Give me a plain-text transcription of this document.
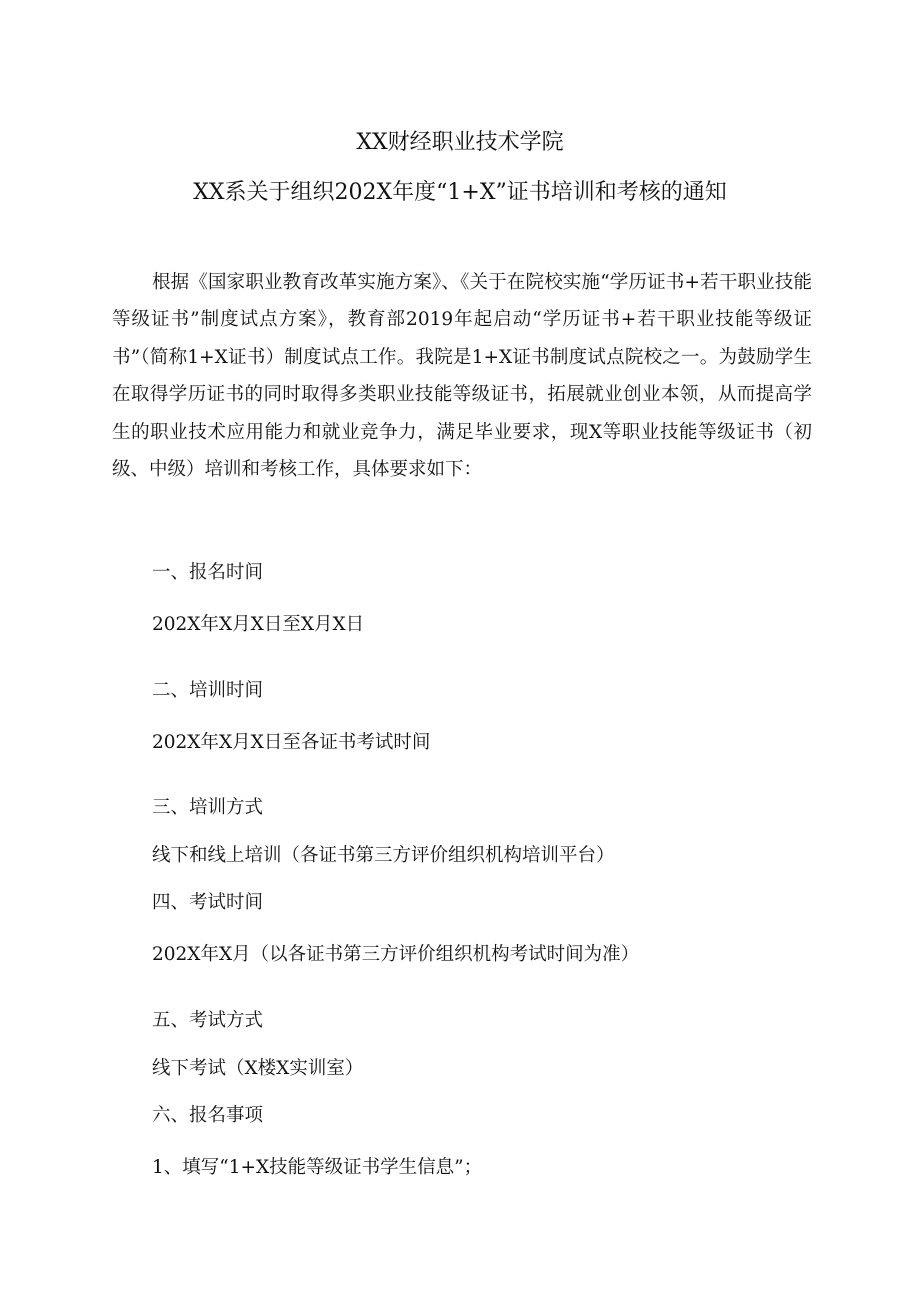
XX财经职业技术学院
XX系关于组织202X年度“1+X”证书培训和考核的通知

根据《国家职业教育改革实施方案》、《关于在院校实施“学历证书+若干职业技能等级证书”制度试点方案》，教育部2019年起启动“学历证书+若干职业技能等级证书”（简称1+X证书）制度试点工作。我院是1+X证书制度试点院校之一。为鼓励学生在取得学历证书的同时取得多类职业技能等级证书，拓展就业创业本领，从而提高学生的职业技术应用能力和就业竞争力，满足毕业要求，现X等职业技能等级证书（初级、中级）培训和考核工作，具体要求如下：

一、报名时间
202X年X月X日至X月X日
二、培训时间
202X年X月X日至各证书考试时间
三、培训方式
线下和线上培训（各证书第三方评价组织机构培训平台）
四、考试时间
202X年X月（以各证书第三方评价组织机构考试时间为准）
五、考试方式
线下考试（X楼X实训室）
六、报名事项
1、填写“1+X技能等级证书学生信息”；
